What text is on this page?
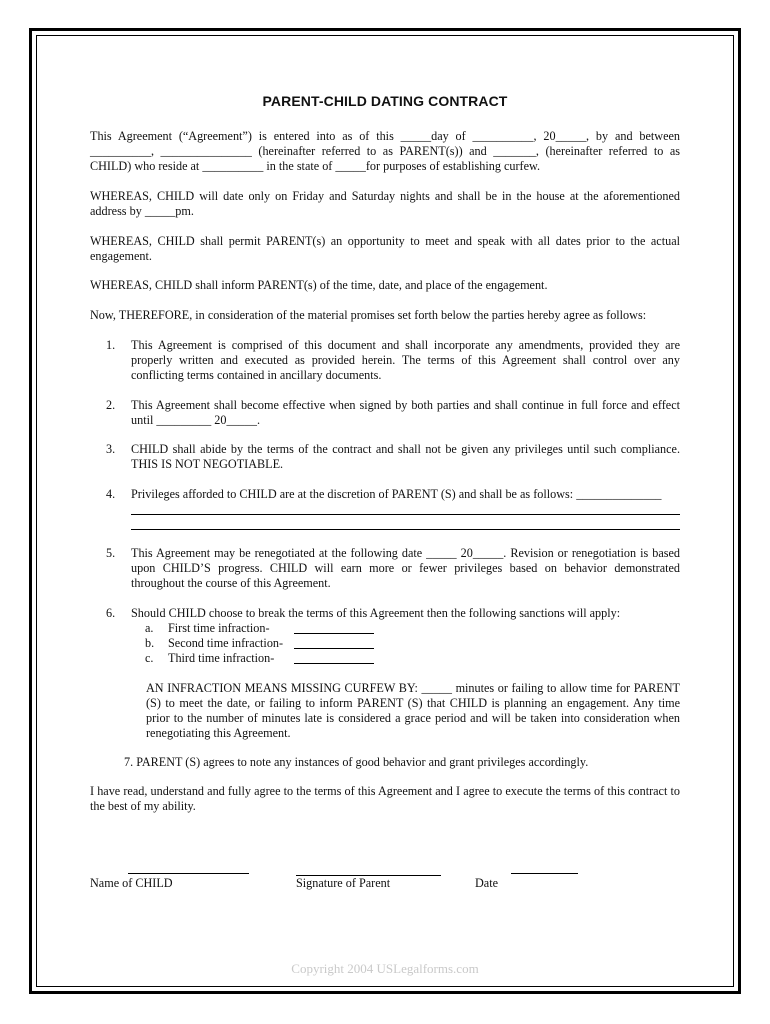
PARENT-CHILD DATING CONTRACT
This Agreement (“Agreement”) is entered into as of this _____day of __________, 20_____, by and between __________, _______________ (hereinafter referred to as PARENT(s)) and _______, (hereinafter referred to as CHILD) who reside at __________ in the state of _____for purposes of establishing curfew.
WHEREAS, CHILD will date only on Friday and Saturday nights and shall be in the house at the aforementioned address by _____pm.
WHEREAS, CHILD shall permit PARENT(s) an opportunity to meet and speak with all dates prior to the actual engagement.
WHEREAS, CHILD shall inform PARENT(s) of the time, date, and place of the engagement.
Now, THEREFORE, in consideration of the material promises set forth below the parties hereby agree as follows:
1.	This Agreement is comprised of this document and shall incorporate any amendments, provided they are properly written and executed as provided herein. The terms of this Agreement shall control over any conflicting terms contained in ancillary documents.
2.	This Agreement shall become effective when signed by both parties and shall continue in full force and effect until _________ 20_____.
3.	CHILD shall abide by the terms of the contract and shall not be given any privileges until such compliance. THIS IS NOT NEGOTIABLE.
4.	Privileges afforded to CHILD are at the discretion of PARENT (S) and shall be as follows: ______________
5.	This Agreement may be renegotiated at the following date _____ 20_____. Revision or renegotiation is based upon CHILD’S progress. CHILD will earn more or fewer privileges based on behavior demonstrated throughout the course of this Agreement.
6.	Should CHILD choose to break the terms of this Agreement then the following sanctions will apply:
a. First time infraction-
b. Second time infraction-
c. Third time infraction-
AN INFRACTION MEANS MISSING CURFEW BY: _____ minutes or failing to allow time for PARENT (S) to meet the date, or failing to inform PARENT (S) that CHILD is planning an engagement. Any time prior to the number of minutes late is considered a grace period and will be taken into consideration when renegotiating this Agreement.
7. PARENT (S) agrees to note any instances of good behavior and grant privileges accordingly.
I have read, understand and fully agree to the terms of this Agreement and I agree to execute the terms of this contract to the best of my ability.
Name of CHILD	Signature of Parent	Date
Copyright 2004 USLegalforms.com
